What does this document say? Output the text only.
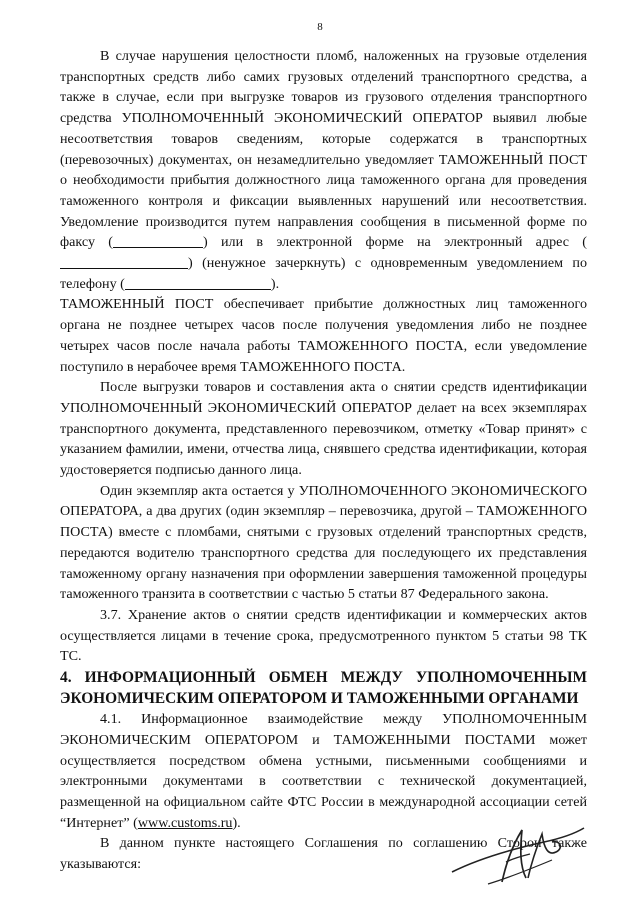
8

В случае нарушения целостности пломб, наложенных на грузовые отделения транспортных средств либо самих грузовых отделений транспортного средства, а также в случае, если при выгрузке товаров из грузового отделения транспортного средства УПОЛНОМОЧЕННЫЙ ЭКОНОМИЧЕСКИЙ ОПЕРАТОР выявил любые несоответствия товаров сведениям, которые содержатся в транспортных (перевозочных) документах, он незамедлительно уведомляет ТАМОЖЕННЫЙ ПОСТ о необходимости прибытия должностного лица таможенного органа для проведения таможенного контроля и фиксации выявленных нарушений или несоответствия. Уведомление производится путем направления сообщения в письменной форме по факсу (	) или в электронной форме на электронный адрес () (ненужное зачеркнуть) с одновременным уведомлением по телефону (	).

ТАМОЖЕННЫЙ ПОСТ обеспечивает прибытие должностных лиц таможенного органа не позднее четырех часов после получения уведомления либо не позднее четырех часов после начала работы ТАМОЖЕННОГО ПОСТА, если уведомление поступило в нерабочее время ТАМОЖЕННОГО ПОСТА.

После выгрузки товаров и составления акта о снятии средств идентификации УПОЛНОМОЧЕННЫЙ ЭКОНОМИЧЕСКИЙ ОПЕРАТОР делает на всех экземплярах транспортного документа, представленного перевозчиком, отметку «Товар принят» с указанием фамилии, имени, отчества лица, снявшего средства идентификации, которая удостоверяется подписью данного лица.

Один экземпляр акта остается у УПОЛНОМОЧЕННОГО ЭКОНОМИЧЕСКОГО ОПЕРАТОРА, а два других (один экземпляр – перевозчика, другой – ТАМОЖЕННОГО ПОСТА) вместе с пломбами, снятыми с грузовых отделений транспортных средств, передаются водителю транспортного средства для последующего их представления таможенному органу назначения при оформлении завершения таможенной процедуры таможенного транзита в соответствии с частью 5 статьи 87 Федерального закона.

3.7. Хранение актов о снятии средств идентификации и коммерческих актов осуществляется лицами в течение срока, предусмотренного пунктом 5 статьи 98 ТК ТС.

4. ИНФОРМАЦИОННЫЙ ОБМЕН МЕЖДУ УПОЛНОМОЧЕННЫМ ЭКОНОМИЧЕСКИМ ОПЕРАТОРОМ И ТАМОЖЕННЫМИ ОРГАНАМИ

4.1. Информационное взаимодействие между УПОЛНОМОЧЕННЫМ ЭКОНОМИЧЕСКИМ ОПЕРАТОРОМ и ТАМОЖЕННЫМИ ПОСТАМИ может осуществляется посредством обмена устными, письменными сообщениями и электронными документами в соответствии с технической документацией, размещенной на официальном сайте ФТС России в международной ассоциации сетей “Интернет” (www.customs.ru).

В данном пункте настоящего Соглашения по соглашению Сторон также указываются:
